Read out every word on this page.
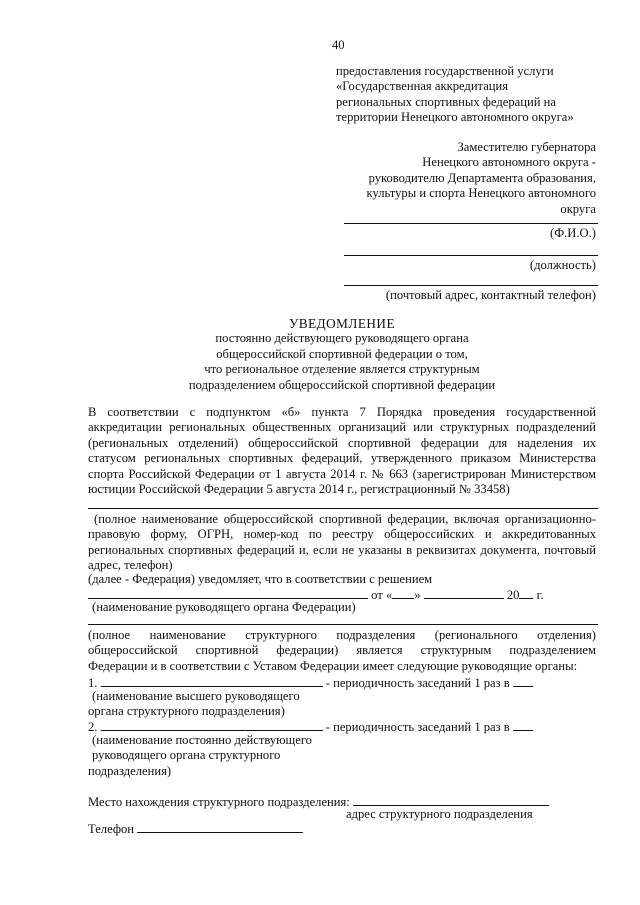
40
предоставления государственной услуги
«Государственная аккредитация
региональных спортивных федераций на
территории Ненецкого автономного округа»
Заместителю губернатора
Ненецкого автономного округа -
руководителю Департамента образования,
культуры и спорта Ненецкого автономного
округа
(Ф.И.О.)
(должность)
(почтовый адрес, контактный телефон)
УВЕДОМЛЕНИЕ
постоянно действующего руководящего органа
общероссийской спортивной федерации о том,
что региональное отделение является структурным
подразделением общероссийской спортивной федерации
В соответствии с подпунктом «б» пункта 7 Порядка проведения государственной
аккредитации региональных общественных организаций или структурных подразделений
(региональных отделений) общероссийской спортивной федерации для наделения их
статусом региональных спортивных федераций, утвержденного приказом Министерства
спорта Российской Федерации от 1 августа 2014 г. № 663 (зарегистрирован Министерством
юстиции Российской Федерации 5 августа 2014 г., регистрационный № 33458)
(полное наименование общероссийской спортивной федерации, включая организационно-
правовую форму, ОГРН, номер-код по реестру общероссийских и аккредитованных
региональных спортивных федераций и, если не указаны в реквизитах документа, почтовый
адрес, телефон)
(далее - Федерация) уведомляет, что в соответствии с решением
от « »	20 г.
(наименование руководящего органа Федерации)
(полное наименование структурного подразделения (регионального отделения)
общероссийской спортивной федерации) является структурным подразделением
Федерации и в соответствии с Уставом Федерации имеет следующие руководящие органы:
1.	- периодичность заседаний 1 раз в
(наименование высшего руководящего
органа структурного подразделения)
2.	- периодичность заседаний 1 раз в
(наименование постоянно действующего
руководящего органа структурного
подразделения)
Место нахождения структурного подразделения:
адрес структурного подразделения
Телефон
